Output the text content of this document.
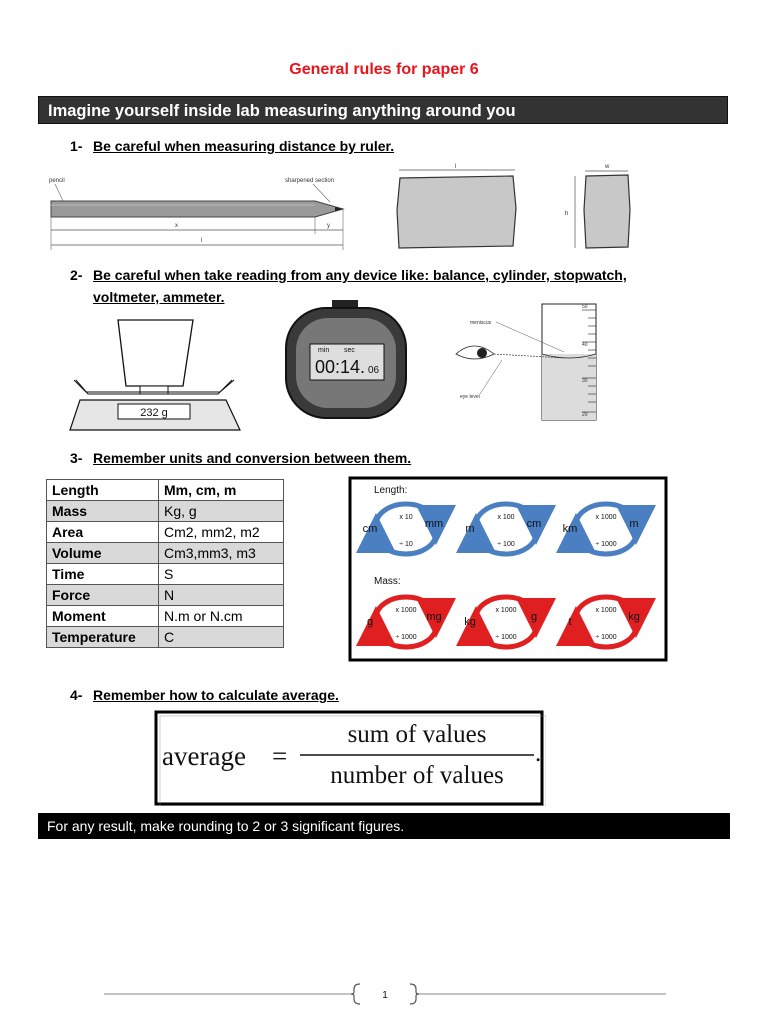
General rules for paper 6
Imagine yourself inside lab measuring anything around you
1- Be careful when measuring distance by ruler.
pencil	sharpened section
x	y
l
l	w
h
2- Be careful when take reading from any device like: balance, cylinder, stopwatch,
voltmeter, ammeter.
232 g
min sec
00:14. 06
50
40
30
20
meniscus
eye level
3- Remember units and conversion between them.
Length	Mm, cm, m
Mass	Kg, g
Area	Cm2, mm2, m2
Volume	Cm3,mm3, m3
Time	S
Force	N
Moment	N.m or N.cm
Temperature	C
Length:
Mass:
x 10
÷ 10
cm	mm
x 100
÷ 100
m	cm
x 1000
÷ 1000
km	m
x 1000
÷ 1000
g	mg
x 1000
÷ 1000
kg	g
x 1000
÷ 1000
t	kg
4- Remember how to calculate average.
average =
sum of values
number of values
.
For any result, make rounding to 2 or 3 significant figures.
1
